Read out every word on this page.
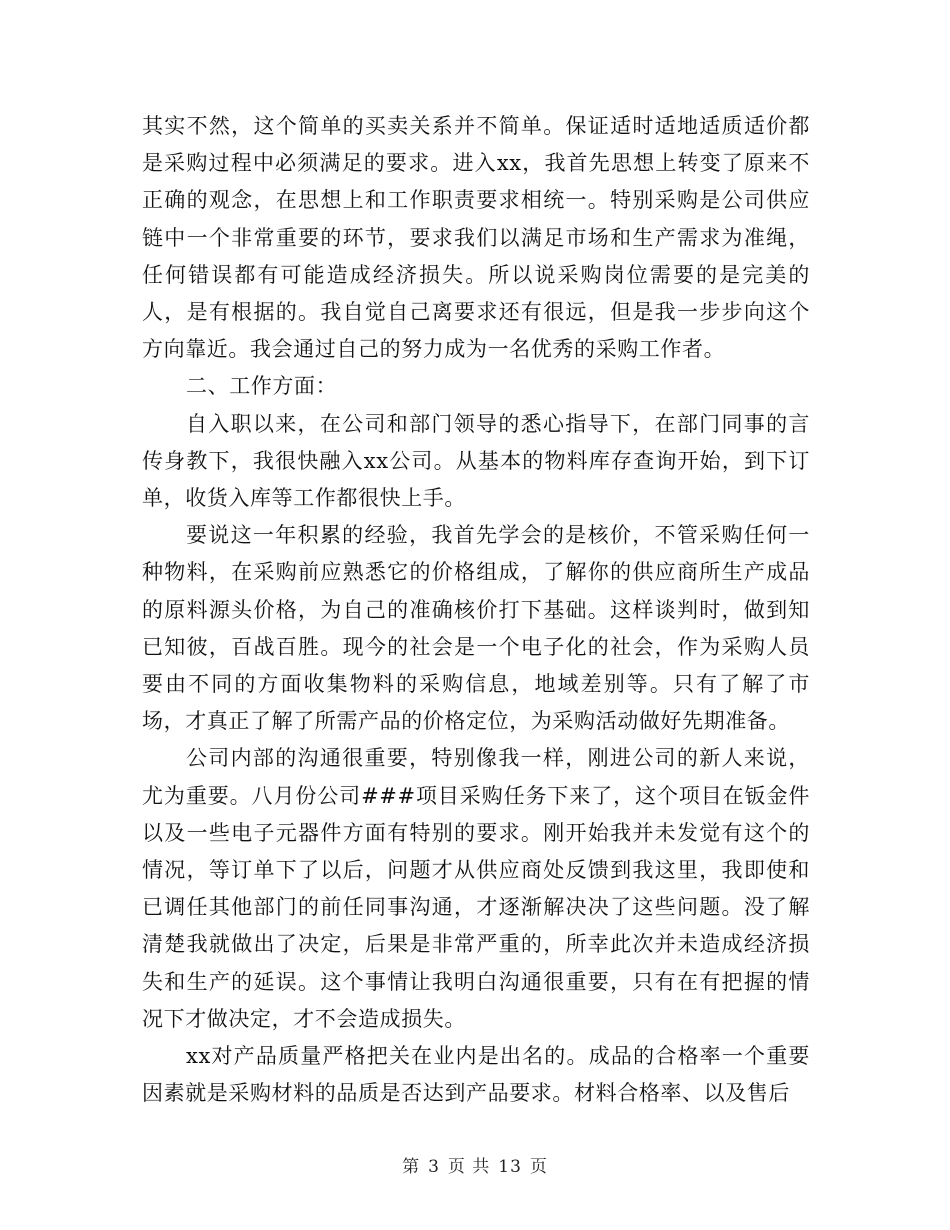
其实不然，这个简单的买卖关系并不简单。保证适时适地适质适价都是采购过程中必须满足的要求。进入xx，我首先思想上转变了原来不正确的观念，在思想上和工作职责要求相统一。特别采购是公司供应链中一个非常重要的环节，要求我们以满足市场和生产需求为准绳，任何错误都有可能造成经济损失。所以说采购岗位需要的是完美的人，是有根据的。我自觉自己离要求还有很远，但是我一步步向这个方向靠近。我会通过自己的努力成为一名优秀的采购工作者。

二、工作方面：

自入职以来，在公司和部门领导的悉心指导下，在部门同事的言传身教下，我很快融入xx公司。从基本的物料库存查询开始，到下订单，收货入库等工作都很快上手。

要说这一年积累的经验，我首先学会的是核价，不管采购任何一种物料，在采购前应熟悉它的价格组成，了解你的供应商所生产成品的原料源头价格，为自己的准确核价打下基础。这样谈判时，做到知已知彼，百战百胜。现今的社会是一个电子化的社会，作为采购人员要由不同的方面收集物料的采购信息，地域差别等。只有了解了市场，才真正了解了所需产品的价格定位，为采购活动做好先期准备。

公司内部的沟通很重要，特别像我一样，刚进公司的新人来说，尤为重要。八月份公司###项目采购任务下来了，这个项目在钣金件以及一些电子元器件方面有特别的要求。刚开始我并未发觉有这个的情况，等订单下了以后，问题才从供应商处反馈到我这里，我即使和已调任其他部门的前任同事沟通，才逐渐解决决了这些问题。没了解清楚我就做出了决定，后果是非常严重的，所幸此次并未造成经济损失和生产的延误。这个事情让我明白沟通很重要，只有在有把握的情况下才做决定，才不会造成损失。

xx对产品质量严格把关在业内是出名的。成品的合格率一个重要因素就是采购材料的品质是否达到产品要求。材料合格率、以及售后

第 3 页 共 13 页
